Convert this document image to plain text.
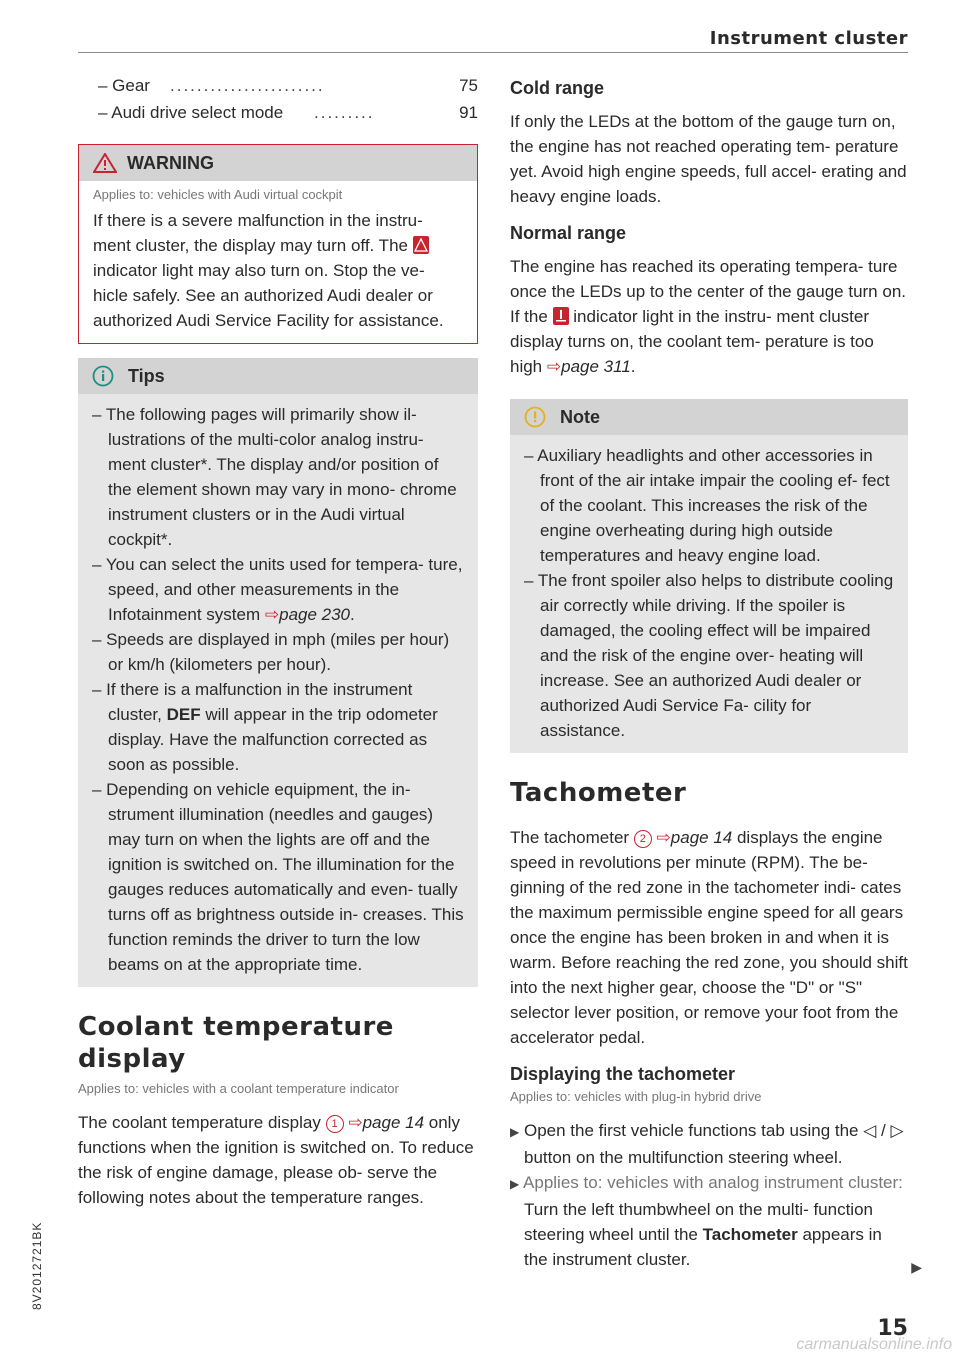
Instrument cluster
– Gear .......................	75
– Audi drive select mode .........	91
WARNING
Applies to: vehicles with Audi virtual cockpit
If there is a severe malfunction in the instru- ment cluster, the display may turn off. The  indicator light may also turn on. Stop the ve- hicle safely. See an authorized Audi dealer or authorized Audi Service Facility for assistance.
Tips
– The following pages will primarily show il- lustrations of the multi-color analog instru- ment cluster*. The display and/or position of the element shown may vary in mono- chrome instrument clusters or in the Audi virtual cockpit*.
– You can select the units used for tempera- ture, speed, and other measurements in the Infotainment system ⇨page 230.
– Speeds are displayed in mph (miles per hour) or km/h (kilometers per hour).
– If there is a malfunction in the instrument cluster, DEF will appear in the trip odometer display. Have the malfunction corrected as soon as possible.
– Depending on vehicle equipment, the in- strument illumination (needles and gauges) may turn on when the lights are off and the ignition is switched on. The illumination for the gauges reduces automatically and even- tually turns off as brightness outside in- creases. This function reminds the driver to turn the low beams on at the appropriate time.
Coolant temperature display
Applies to: vehicles with a coolant temperature indicator

The coolant temperature display 1 ⇨page 14 only functions when the ignition is switched on. To reduce the risk of engine damage, please ob- serve the following notes about the temperature ranges.

Cold range

If only the LEDs at the bottom of the gauge turn on, the engine has not reached operating tem- perature yet. Avoid high engine speeds, full accel- erating and heavy engine loads.

Normal range

The engine has reached its operating tempera- ture once the LEDs up to the center of the gauge turn on. If the indicator light in the instru- ment cluster display turns on, the coolant tem- perature is too high ⇨page 311.

Note
– Auxiliary headlights and other accessories in front of the air intake impair the cooling ef- fect of the coolant. This increases the risk of the engine overheating during high outside temperatures and heavy engine load.
– The front spoiler also helps to distribute cooling air correctly while driving. If the spoiler is damaged, the cooling effect will be impaired and the risk of the engine over- heating will increase. See an authorized Audi dealer or authorized Audi Service Fa- cility for assistance.
Tachometer

The tachometer 2 ⇨page 14 displays the engine speed in revolutions per minute (RPM). The be- ginning of the red zone in the tachometer indi- cates the maximum permissible engine speed for all gears once the engine has been broken in and when it is warm. Before reaching the red zone, you should shift into the next higher gear, choose the "D" or "S" selector lever position, or remove your foot from the accelerator pedal.

Displaying the tachometer
Applies to: vehicles with plug-in hybrid drive
▶ Open the first vehicle functions tab using the ◁ / ▷ button on the multifunction steering wheel.
▶ Applies to: vehicles with analog instrument cluster: Turn the left thumbwheel on the multi- function steering wheel until the Tachometer appears in the instrument cluster.	▶
8V2012721BK
15
carmanualsonline.info
